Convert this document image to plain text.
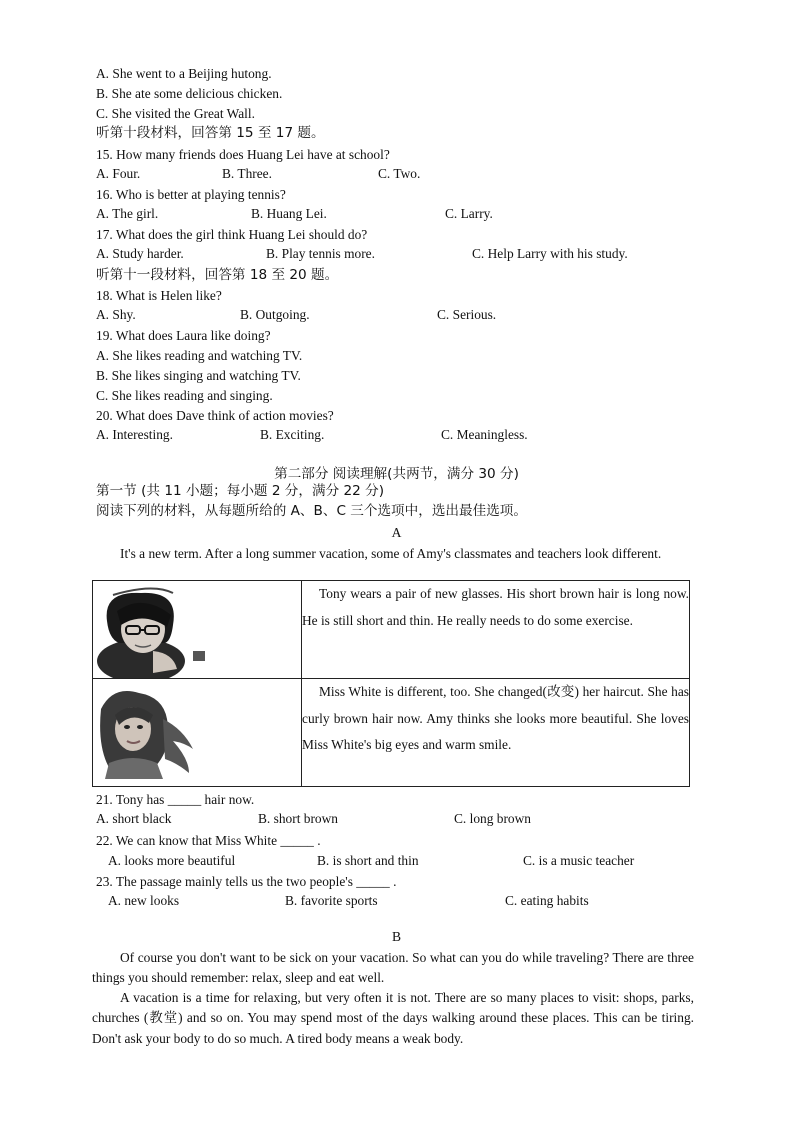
A. She went to a Beijing hutong.
B. She ate some delicious chicken.
C. She visited the Great Wall.
听第十段材料，回答第 15 至 17 题。
15. How many friends does Huang Lei have at school?
A. Four.	B. Three.	C. Two.
16. Who is better at playing tennis?
A. The girl.	B. Huang Lei.	C. Larry.
17. What does the girl think Huang Lei should do?
A. Study harder.	B. Play tennis more.	C. Help Larry with his study.
听第十一段材料，回答第 18 至 20 题。
18. What is Helen like?
A. Shy.	B. Outgoing.	C. Serious.
19. What does Laura like doing?
A. She likes reading and watching TV.
B. She likes singing and watching TV.
C. She likes reading and singing.
20. What does Dave think of action movies?
A. Interesting.	B. Exciting.	C. Meaningless.
第二部分 阅读理解(共两节，满分 30 分)
第一节 (共 11 小题；每小题 2 分，满分 22 分)
阅读下列的材料，从每题所给的 A、B、C 三个选项中，选出最佳选项。
A
It's a new term. After a long summer vacation, some of Amy's classmates and teachers look different.

Tony wears a pair of new glasses. His short brown hair is long now. He is still short and thin. He really needs to do some exercise.

Miss White is different, too. She changed(改变) her haircut. She has curly brown hair now. Amy thinks she looks more beautiful. She loves Miss White's big eyes and warm smile.

21. Tony has _____ hair now.
A. short black	B. short brown	C. long brown
22. We can know that Miss White _____ .
A. looks more beautiful	B. is short and thin	C. is a music teacher
23. The passage mainly tells us the two people's _____ .
A. new looks	B. favorite sports	C. eating habits
B
Of course you don't want to be sick on your vacation. So what can you do while traveling? There are three things you should remember: relax, sleep and eat well.
A vacation is a time for relaxing, but very often it is not. There are so many places to visit: shops, parks, churches (教堂) and so on. You may spend most of the days walking around these places. This can be tiring. Don't ask your body to do so much. A tired body means a weak body.
